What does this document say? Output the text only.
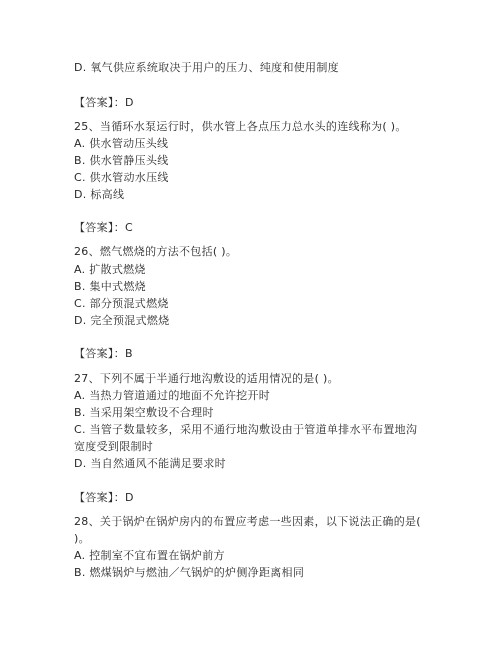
D. 氧气供应系统取决于用户的压力、纯度和使用制度
【答案】：D
25、当循环水泵运行时，供水管上各点压力总水头的连线称为( )。
A. 供水管动压头线
B. 供水管静压头线
C. 供水管动水压线
D. 标高线
【答案】：C
26、燃气燃烧的方法不包括( )。
A. 扩散式燃烧
B. 集中式燃烧
C. 部分预混式燃烧
D. 完全预混式燃烧
【答案】：B
27、下列不属于半通行地沟敷设的适用情况的是( )。
A. 当热力管道通过的地面不允许挖开时
B. 当采用架空敷设不合理时
C. 当管子数量较多，采用不通行地沟敷设由于管道单排水平布置地沟
宽度受到限制时
D. 当自然通风不能满足要求时
【答案】：D
28、关于锅炉在锅炉房内的布置应考虑一些因素，以下说法正确的是(
)。
A. 控制室不宜布置在锅炉前方
B. 燃煤锅炉与燃油／气锅炉的炉侧净距离相同
